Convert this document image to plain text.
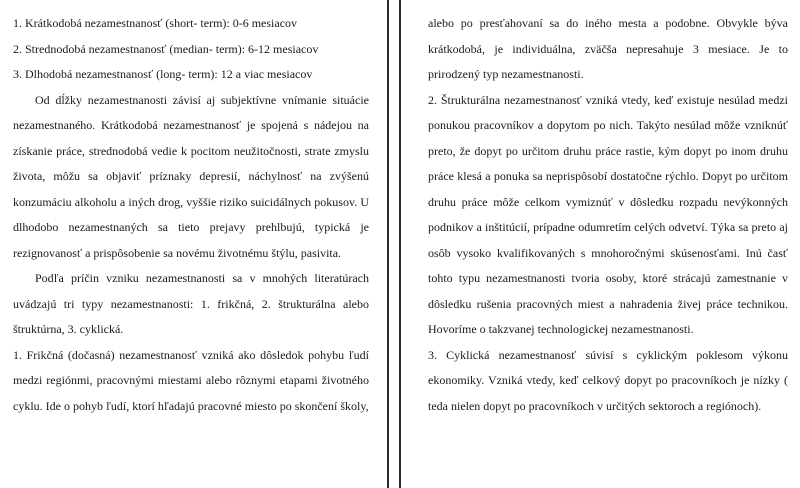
1. Krátkodobá nezamestnanosť (short- term): 0-6 mesiacov

2. Strednodobá nezamestnanosť (median- term): 6-12 mesiacov

3. Dlhodobá nezamestnanosť (long- term): 12 a viac mesiacov

Od dĺžky nezamestnanosti závisí aj subjektívne vnímanie situácie nezamestnaného. Krátkodobá nezamestnanosť je spojená s nádejou na získanie práce, strednodobá vedie k pocitom neužitočnosti, strate zmyslu života, môžu sa objaviť príznaky depresií, náchylnosť na zvýšenú konzumáciu alkoholu a iných drog, vyššie riziko suicidálnych pokusov. U dlhodobo nezamestnaných sa tieto prejavy prehlbujú, typická je rezignovanosť a prispôsobenie sa novému životnému štýlu, pasivita.

Podľa príčin vzniku nezamestnanosti sa v mnohých literatúrach uvádzajú tri typy nezamestnanosti: 1. frikčná, 2. štrukturálna alebo štruktúrna, 3. cyklická.

1. Frikčná (dočasná) nezamestnanosť vzniká ako dôsledok pohybu ľudí medzi regiónmi, pracovnými miestami alebo rôznymi etapami životného cyklu. Ide o pohyb ľudí, ktorí hľadajú pracovné miesto po skončení školy,

alebo po presťahovaní sa do iného mesta a podobne. Obvykle býva krátkodobá, je individuálna, zväčša nepresahuje 3 mesiace. Je to prirodzený typ nezamestnanosti.

2. Štrukturálna nezamestnanosť vzniká vtedy, keď existuje nesúlad medzi ponukou pracovníkov a dopytom po nich. Takýto nesúlad môže vzniknúť preto, že dopyt po určitom druhu práce rastie, kým dopyt po inom druhu práce klesá a ponuka sa neprispôsobí dostatočne rýchlo. Dopyt po určitom druhu práce môže celkom vymiznúť v dôsledku rozpadu nevýkonných podnikov a inštitúcií, prípadne odumretím celých odvetví. Týka sa preto aj osôb vysoko kvalifikovaných s mnohoročnými skúsenosťami. Inú časť tohto typu nezamestnanosti tvoria osoby, ktoré strácajú zamestnanie v dôsledku rušenia pracovných miest a nahradenia živej práce technikou. Hovoríme o takzvanej technologickej nezamestnanosti.

3. Cyklická nezamestnanosť súvisí s cyklickým poklesom výkonu ekonomiky. Vzniká vtedy, keď celkový dopyt po pracovníkoch je nízky ( teda nielen dopyt po pracovníkoch v určitých sektoroch a regiónoch).
